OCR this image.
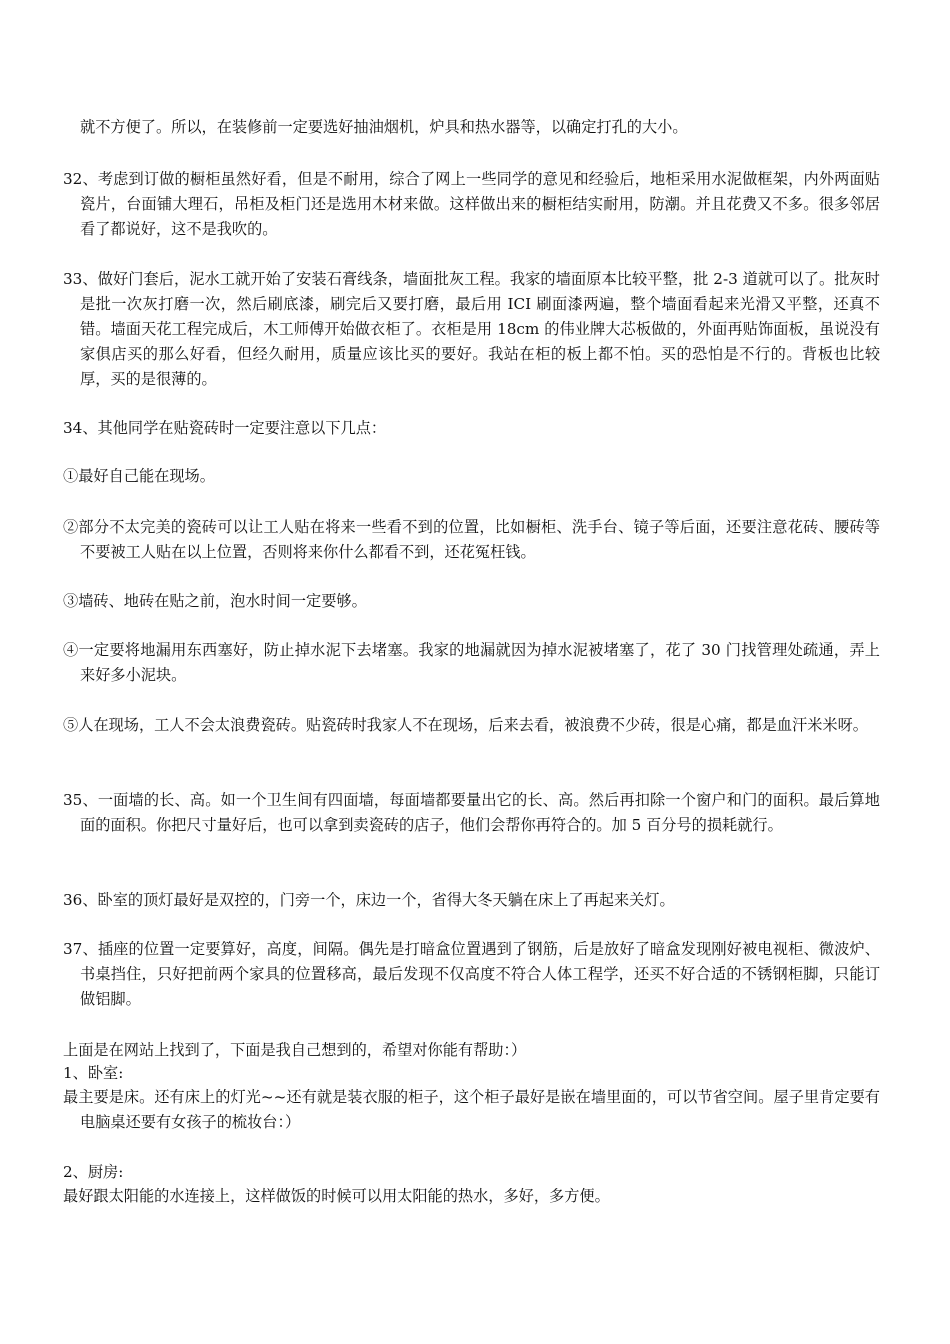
就不方便了。所以，在装修前一定要选好抽油烟机，炉具和热水器等，以确定打孔的大小。

32、考虑到订做的橱柜虽然好看，但是不耐用，综合了网上一些同学的意见和经验后，地柜采用水泥做框架，内外两面贴瓷片，台面铺大理石，吊柜及柜门还是选用木材来做。这样做出来的橱柜结实耐用，防潮。并且花费又不多。很多邻居看了都说好，这不是我吹的。

33、做好门套后，泥水工就开始了安装石膏线条，墙面批灰工程。我家的墙面原本比较平整，批 2-3 道就可以了。批灰时是批一次灰打磨一次，然后刷底漆，刷完后又要打磨，最后用 ICI 刷面漆两遍，整个墙面看起来光滑又平整，还真不错。墙面天花工程完成后，木工师傅开始做衣柜了。衣柜是用 18cm 的伟业牌大芯板做的，外面再贴饰面板，虽说没有家俱店买的那么好看，但经久耐用，质量应该比买的要好。我站在柜的板上都不怕。买的恐怕是不行的。背板也比较厚，买的是很薄的。

34、其他同学在贴瓷砖时一定要注意以下几点：

①最好自己能在现场。

②部分不太完美的瓷砖可以让工人贴在将来一些看不到的位置，比如橱柜、洗手台、镜子等后面，还要注意花砖、腰砖等不要被工人贴在以上位置，否则将来你什么都看不到，还花冤枉钱。

③墙砖、地砖在贴之前，泡水时间一定要够。

④一定要将地漏用东西塞好，防止掉水泥下去堵塞。我家的地漏就因为掉水泥被堵塞了，花了 30 门找管理处疏通，弄上来好多小泥块。

⑤人在现场，工人不会太浪费瓷砖。贴瓷砖时我家人不在现场，后来去看，被浪费不少砖，很是心痛，都是血汗米米呀。

35、一面墙的长、高。如一个卫生间有四面墙，每面墙都要量出它的长、高。然后再扣除一个窗户和门的面积。最后算地面的面积。你把尺寸量好后，也可以拿到卖瓷砖的店子，他们会帮你再符合的。加 5 百分号的损耗就行。

36、卧室的顶灯最好是双控的，门旁一个，床边一个，省得大冬天躺在床上了再起来关灯。

37、插座的位置一定要算好，高度，间隔。偶先是打暗盒位置遇到了钢筋，后是放好了暗盒发现刚好被电视柜、微波炉、书桌挡住，只好把前两个家具的位置移高，最后发现不仅高度不符合人体工程学，还买不好合适的不锈钢柜脚，只能订做铝脚。

上面是在网站上找到了，下面是我自己想到的，希望对你能有帮助：）

1、卧室:

最主要是床。还有床上的灯光~~还有就是装衣服的柜子，这个柜子最好是嵌在墙里面的，可以节省空间。屋子里肯定要有电脑桌还要有女孩子的梳妆台：）

2、厨房:

最好跟太阳能的水连接上，这样做饭的时候可以用太阳能的热水，多好，多方便。
